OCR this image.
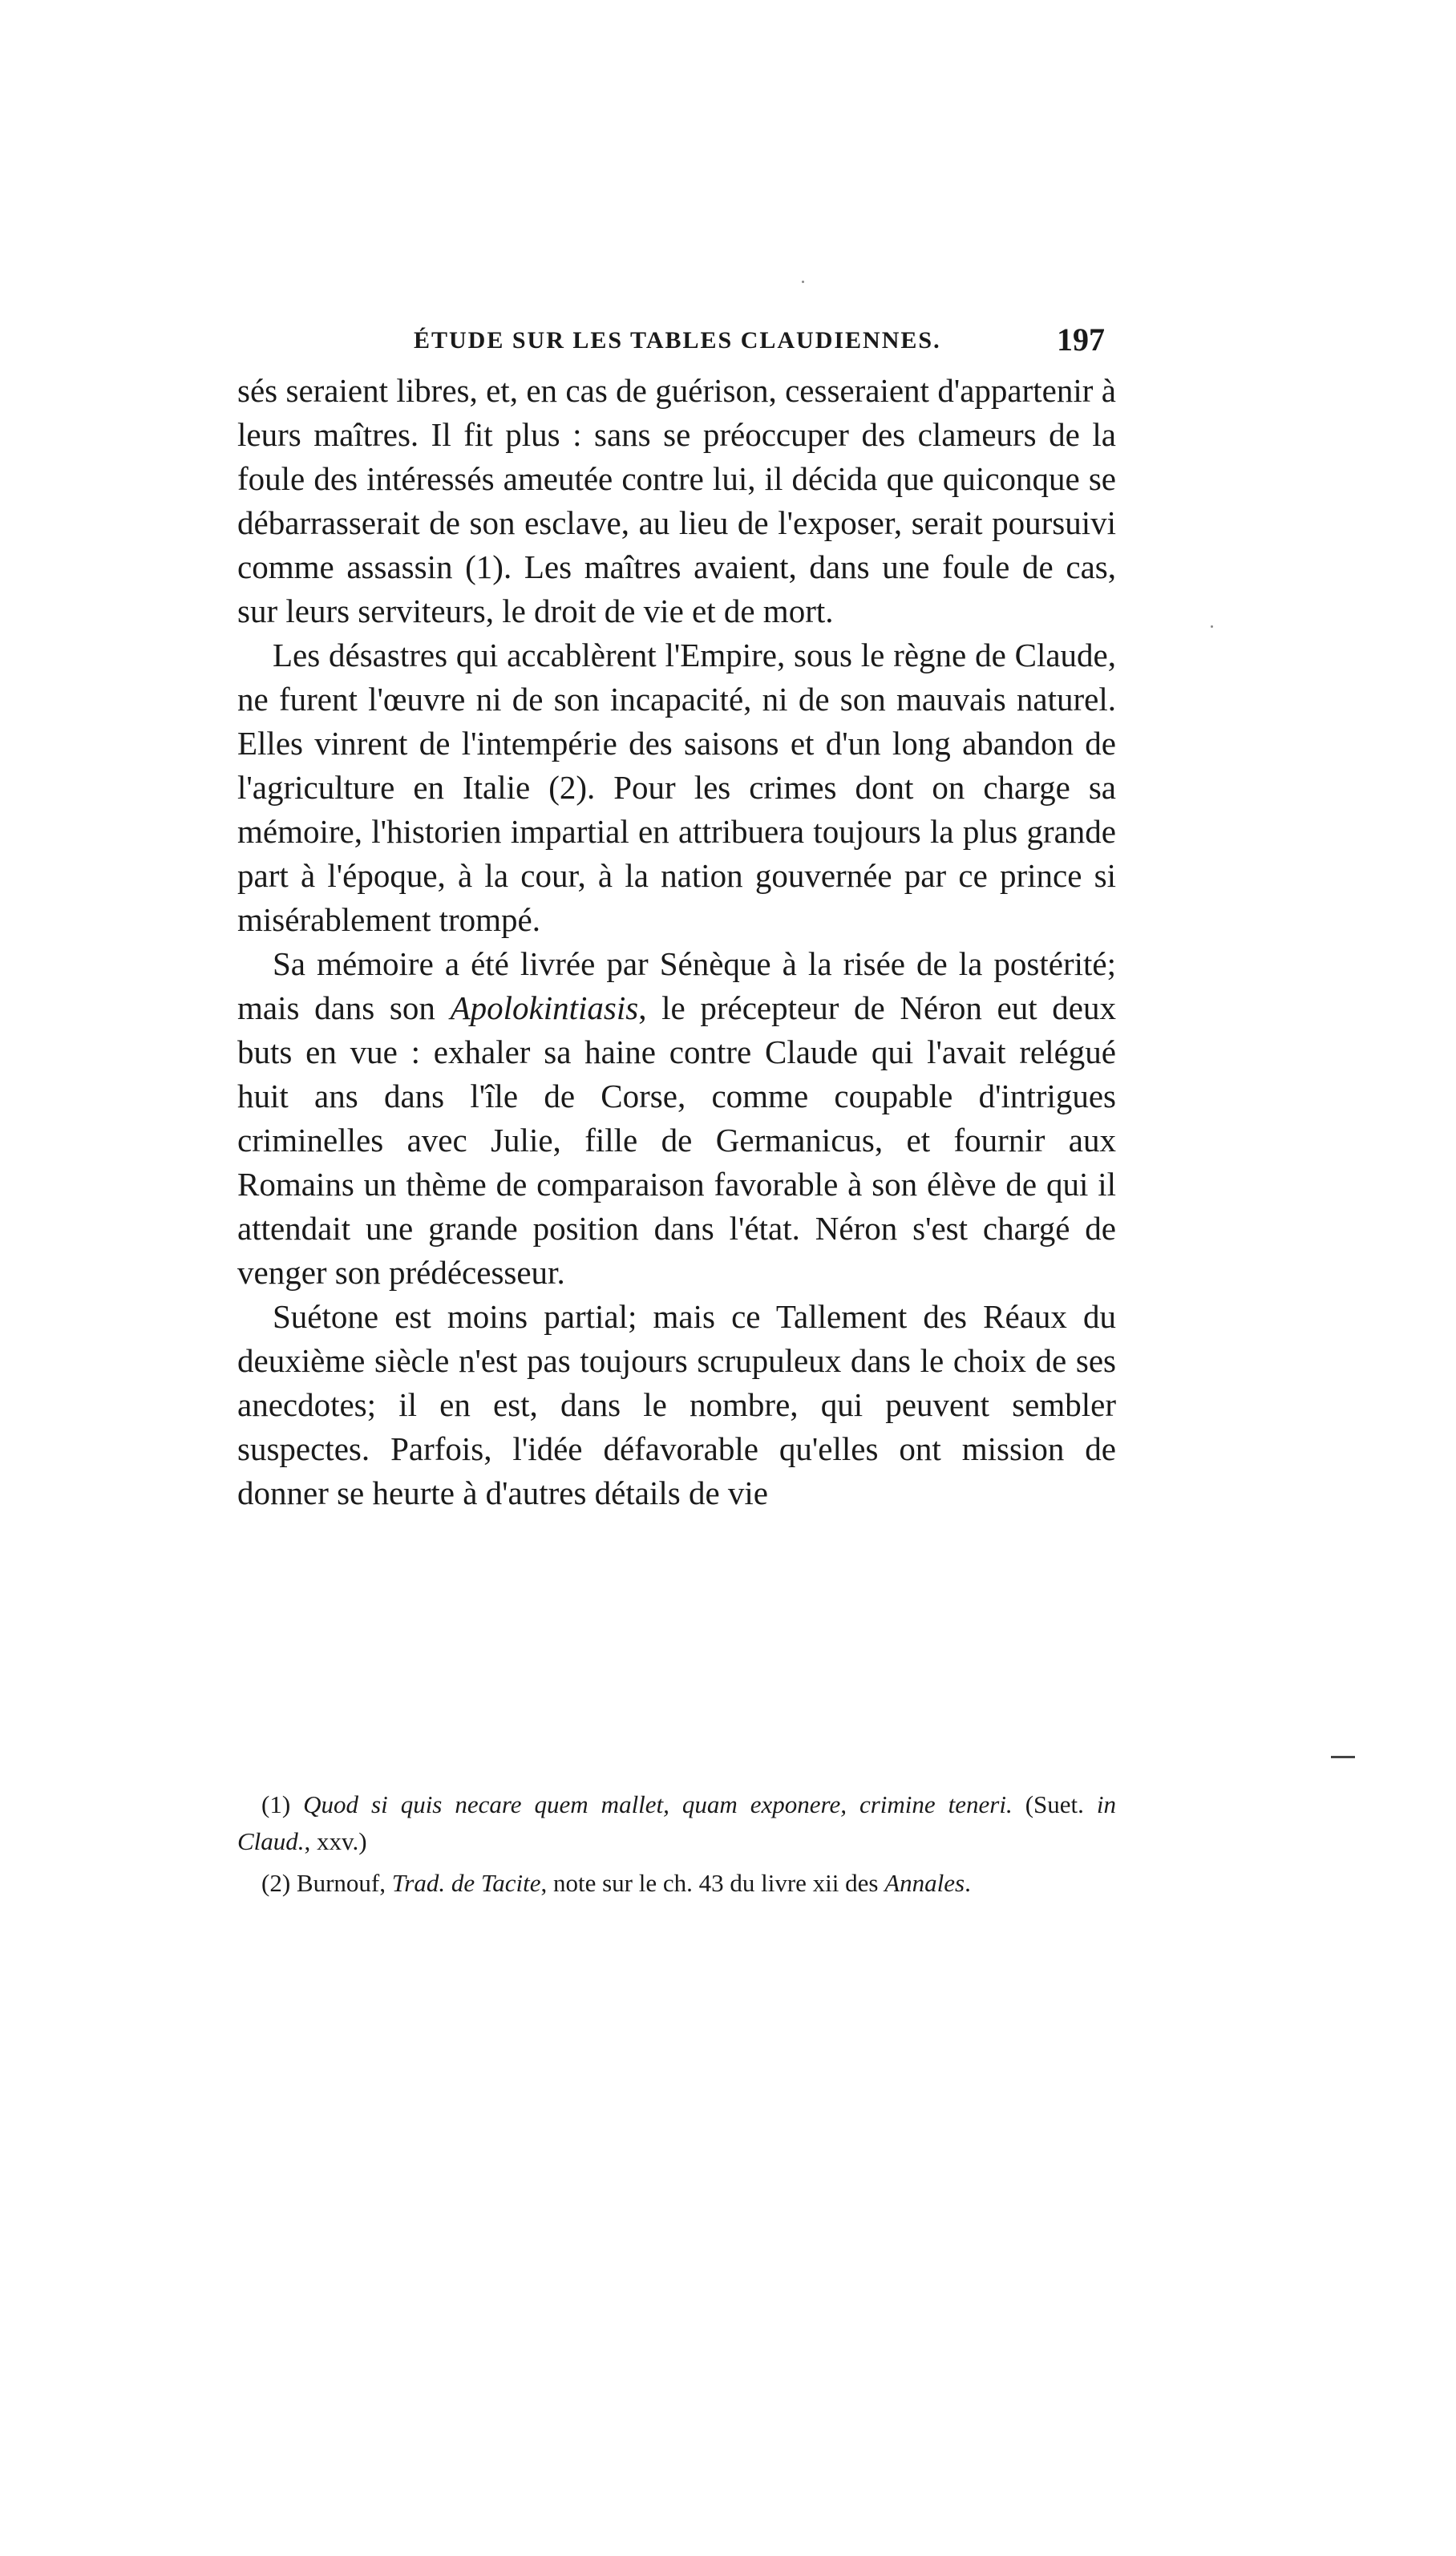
ÉTUDE SUR LES TABLES CLAUDIENNES.	197

sés seraient libres, et, en cas de guérison, cesseraient d'appartenir à leurs maîtres. Il fit plus : sans se préoccuper des clameurs de la foule des intéressés ameutée contre lui, il décida que quiconque se débarrasserait de son esclave, au lieu de l'exposer, serait poursuivi comme assassin (1). Les maîtres avaient, dans une foule de cas, sur leurs serviteurs, le droit de vie et de mort.

Les désastres qui accablèrent l'Empire, sous le règne de Claude, ne furent l'œuvre ni de son incapacité, ni de son mauvais naturel. Elles vinrent de l'intempérie des saisons et d'un long abandon de l'agriculture en Italie (2). Pour les crimes dont on charge sa mémoire, l'historien impartial en attribuera toujours la plus grande part à l'époque, à la cour, à la nation gouvernée par ce prince si misérablement trompé.

Sa mémoire a été livrée par Sénèque à la risée de la postérité; mais dans son Apolokintiasis, le précepteur de Néron eut deux buts en vue : exhaler sa haine contre Claude qui l'avait relégué huit ans dans l'île de Corse, comme coupable d'intrigues criminelles avec Julie, fille de Germanicus, et fournir aux Romains un thème de comparaison favorable à son élève de qui il attendait une grande position dans l'état. Néron s'est chargé de venger son prédécesseur.

Suétone est moins partial; mais ce Tallement des Réaux du deuxième siècle n'est pas toujours scrupuleux dans le choix de ses anecdotes; il en est, dans le nombre, qui peuvent sembler suspectes. Parfois, l'idée défavorable qu'elles ont mission de donner se heurte à d'autres détails de vie

(1) Quod si quis necare quem mallet, quam exponere, crimine teneri. (Suet. in Claud., xxv.)

(2) Burnouf, Trad. de Tacite, note sur le ch. 43 du livre xii des Annales.
